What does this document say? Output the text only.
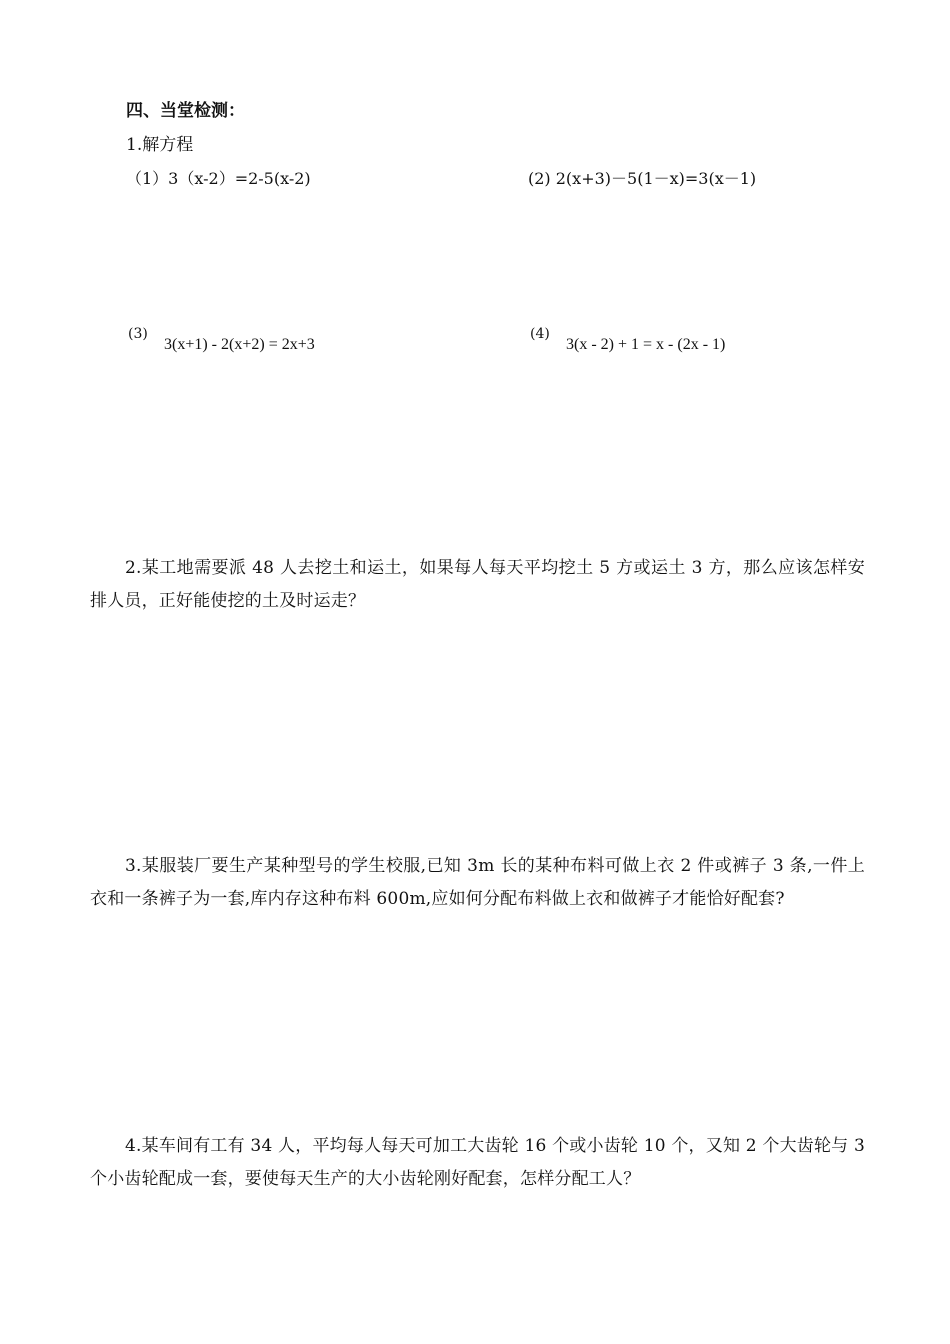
四、当堂检测：
1.解方程
（1）3（x-2）=2-5(x-2)	(2) 2(x+3)－5(1－x)=3(x－1)
(3)
3(x+1) - 2(x+2) = 2x+3
(4)
3(x - 2) + 1 = x - (2x - 1)
2.某工地需要派 48 人去挖土和运土，如果每人每天平均挖土 5 方或运土 3 方，那么应该怎样安排人员，正好能使挖的土及时运走？
3.某服装厂要生产某种型号的学生校服,已知 3m 长的某种布料可做上衣 2 件或裤子 3 条,一件上衣和一条裤子为一套,库内存这种布料 600m,应如何分配布料做上衣和做裤子才能恰好配套?
4.某车间有工有 34 人，平均每人每天可加工大齿轮 16 个或小齿轮 10 个，又知 2 个大齿轮与 3 个小齿轮配成一套，要使每天生产的大小齿轮刚好配套，怎样分配工人？
